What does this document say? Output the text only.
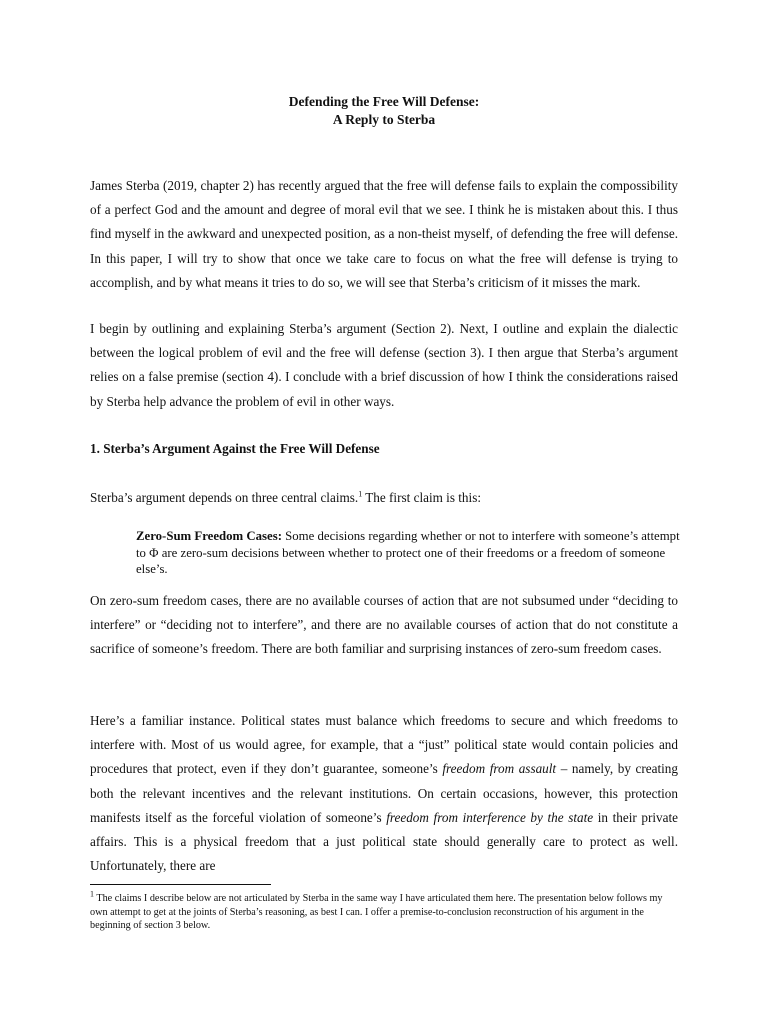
Defending the Free Will Defense:
A Reply to Sterba
James Sterba (2019, chapter 2) has recently argued that the free will defense fails to explain the compossibility of a perfect God and the amount and degree of moral evil that we see. I think he is mistaken about this. I thus find myself in the awkward and unexpected position, as a non-theist myself, of defending the free will defense. In this paper, I will try to show that once we take care to focus on what the free will defense is trying to accomplish, and by what means it tries to do so, we will see that Sterba’s criticism of it misses the mark.
I begin by outlining and explaining Sterba’s argument (Section 2). Next, I outline and explain the dialectic between the logical problem of evil and the free will defense (section 3). I then argue that Sterba’s argument relies on a false premise (section 4). I conclude with a brief discussion of how I think the considerations raised by Sterba help advance the problem of evil in other ways.
1. Sterba’s Argument Against the Free Will Defense
Sterba’s argument depends on three central claims.$^1$ The first claim is this:
Zero-Sum Freedom Cases: Some decisions regarding whether or not to interfere with someone’s attempt to Φ are zero-sum decisions between whether to protect one of their freedoms or a freedom of someone else’s.
On zero-sum freedom cases, there are no available courses of action that are not subsumed under “deciding to interfere” or “deciding not to interfere”, and there are no available courses of action that do not constitute a sacrifice of someone’s freedom. There are both familiar and surprising instances of zero-sum freedom cases.
Here’s a familiar instance. Political states must balance which freedoms to secure and which freedoms to interfere with. Most of us would agree, for example, that a “just” political state would contain policies and procedures that protect, even if they don’t guarantee, someone’s freedom from assault – namely, by creating both the relevant incentives and the relevant institutions. On certain occasions, however, this protection manifests itself as the forceful violation of someone’s freedom from interference by the state in their private affairs. This is a physical freedom that a just political state should generally care to protect as well. Unfortunately, there are
$^1$ The claims I describe below are not articulated by Sterba in the same way I have articulated them here. The presentation below follows my own attempt to get at the joints of Sterba’s reasoning, as best I can. I offer a premise-to-conclusion reconstruction of his argument in the beginning of section 3 below.
